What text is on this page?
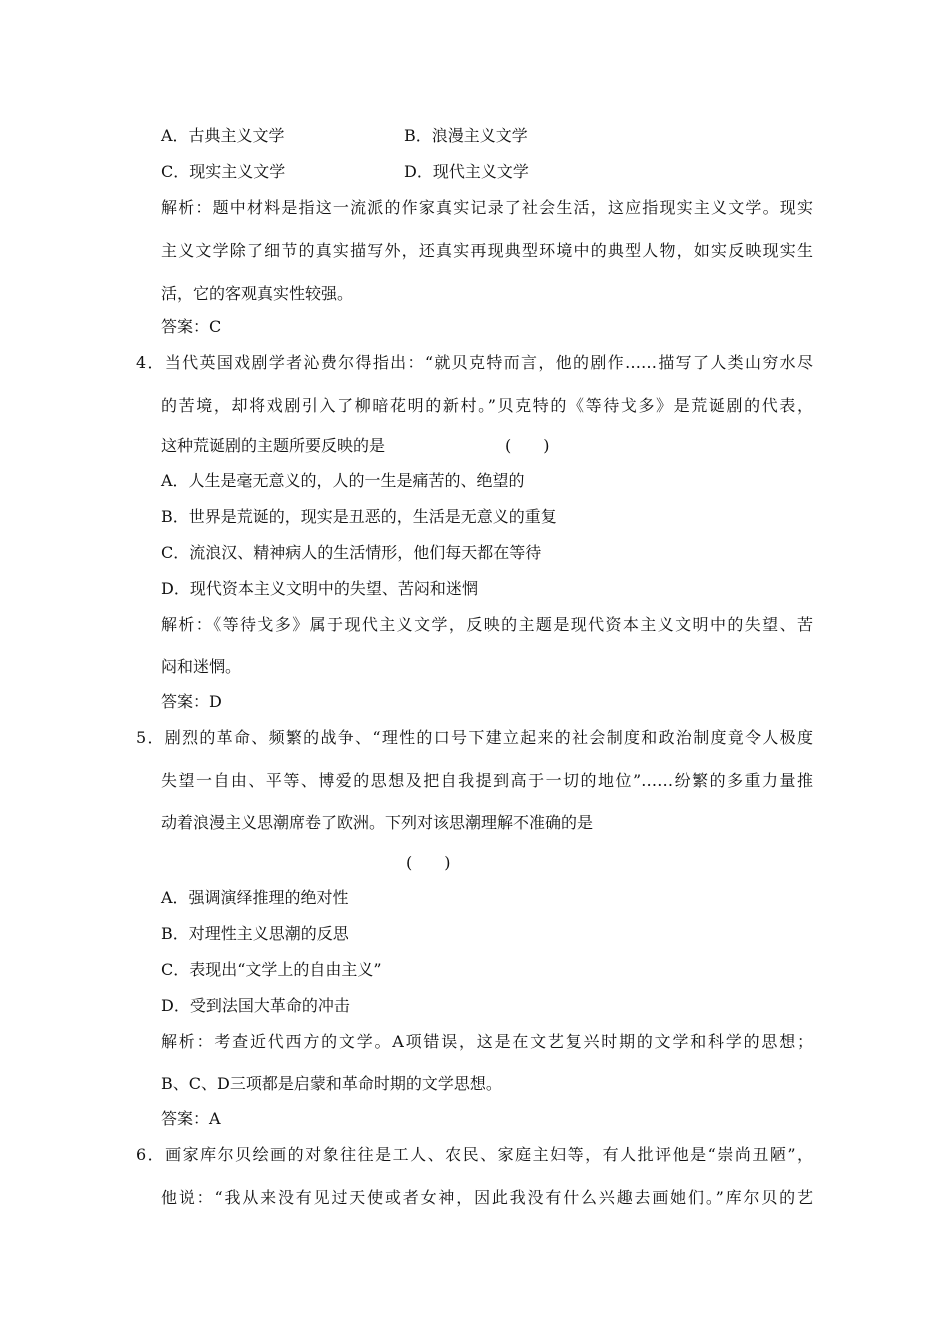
A．古典主义文学	B．浪漫主义文学
C．现实主义文学	D．现代主义文学
解析：题中材料是指这一流派的作家真实记录了社会生活，这应指现实主义文学。现实
主义文学除了细节的真实描写外，还真实再现典型环境中的典型人物，如实反映现实生
活，它的客观真实性较强。
答案：C
4．当代英国戏剧学者沁费尔得指出：“就贝克特而言，他的剧作……描写了人类山穷水尽
的苦境，却将戏剧引入了柳暗花明的新村。”贝克特的《等待戈多》是荒诞剧的代表，
这种荒诞剧的主题所要反映的是	(　　)
A．人生是毫无意义的，人的一生是痛苦的、绝望的
B．世界是荒诞的，现实是丑恶的，生活是无意义的重复
C．流浪汉、精神病人的生活情形，他们每天都在等待
D．现代资本主义文明中的失望、苦闷和迷惘
解析：《等待戈多》属于现代主义文学，反映的主题是现代资本主义文明中的失望、苦
闷和迷惘。
答案：D
5．剧烈的革命、频繁的战争、“理性的口号下建立起来的社会制度和政治制度竟令人极度
失望一自由、平等、博爱的思想及把自我提到高于一切的地位”……纷繁的多重力量推
动着浪漫主义思潮席卷了欧洲。下列对该思潮理解不准确的是
(　　)
A．强调演绎推理的绝对性
B．对理性主义思潮的反思
C．表现出“文学上的自由主义”
D．受到法国大革命的冲击
解析：考查近代西方的文学。A项错误，这是在文艺复兴时期的文学和科学的思想；
B、C、D三项都是启蒙和革命时期的文学思想。
答案：A
6．画家库尔贝绘画的对象往往是工人、农民、家庭主妇等，有人批评他是“崇尚丑陋”，
他说：“我从来没有见过天使或者女神，因此我没有什么兴趣去画她们。”库尔贝的艺
